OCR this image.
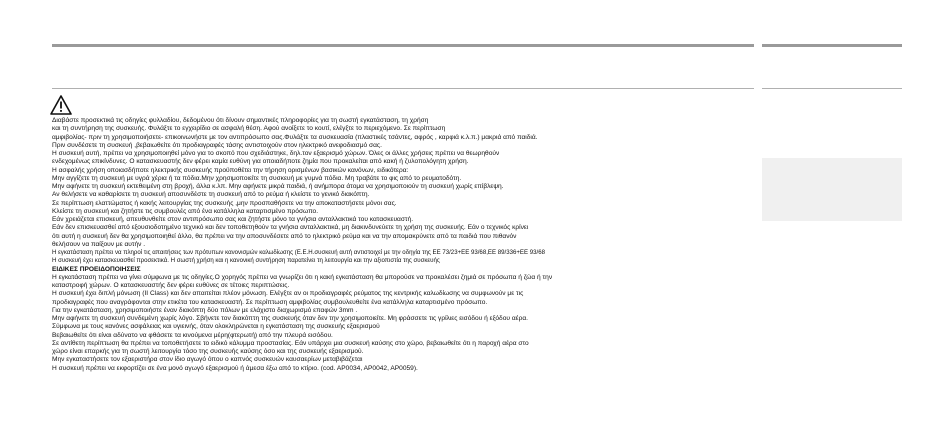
Διαβάστε προσεκτικά τις οδηγίες φυλλαδίου, δεδομένου ότι δίνουν σημαντικές πληροφορίες για τη σωστή εγκατάσταση, τη χρήση
και τη συντήρηση της συσκευής. Φυλάξτε το εγχειρίδιο σε ασφαλή θέση. Αφού ανοίξετε το κουτί, ελέγξτε το περιεχόμενο. Σε περίπτωση
αμφιβολίας- πριν τη χρησιμοποιήσετε- επικοινωνήστε με τον αντιπρόσωπο σας.Φυλάξτε τα συσκευασία (πλαστικές τσάντες, αφρός , καρφιά κ.λ.π.) μακριά από παιδιά.
Πριν συνδέσετε τη συσκευή ,βεβαιωθείτε ότι προδιαγραφές τάσης αντιστοιχούν στον ηλεκτρικό ανεφοδιασμό σας.
Η συσκευή αυτή, πρέπει να χρησιμοποιηθεί μόνο για το σκοπό που σχεδιάστηκε, δηλ.τον εξαερισμό χώρων. Όλες οι άλλες χρήσεις πρέπει να θεωρηθούν
ενδεχομένως επικίνδυνες. Ο κατασκευαστής δεν φέρει καμία ευθύνη για οποιαδήποτε ζημία που προκαλείται από κακή ή ζυλοπολόγητη χρήση.
Η ασφαλής χρήση οποιασδήποτε ηλεκτρικής συσκευής προϋποθέτει την τήρηση ορισμένων βασικών κανόνων, ειδικότερα:
Μην αγγίζετε τη συσκευή με υγρά χέρια ή τα πόδια.Μην χρησιμοποιείτε τη συσκευή με γυμνά πόδια. Μη τραβάτε το φις από το ρευματοδότη.
Μην αφήνετε τη συσκευή εκτεθειμένη στη βροχή, άλλα κ.λπ. Μην αφήνετε μικρά παιδιά, ή ανήμπορα άτομα να χρησιμοποιούν τη συσκευή χωρίς επίβλεψη.
Αν θελήσετε να καθαρίσετε τη συσκευή αποσυνδέστε τη συσκευή από το ρεύμα ή κλείστε το γενικό διακόπτη.
Σε περίπτωση ελαττώματος ή κακής λειτουργίας της συσκευής ,μην προσπαθήσετε να την αποκαταστήσετε μόνοι σας.
Κλείστε τη συσκευή και ζητήστε τις συμβουλές από ένα κατάλληλα καταρτισμένο πρόσωπο.
Εάν χρειάζεται επισκευή, απευθυνθείτε στον αντιπρόσωπο σας και ζητήστε μόνο τα γνήσια ανταλλακτικά του κατασκευαστή.
Εάν δεν επισκευασθεί από εξουσιοδοτημένο τεχνικό και δεν τοποθετηθούν τα γνήσια ανταλλακτικά, μη διακινδυνεύετε τη χρήση της συσκευής. Εάν ο τεχνικός κρίνει
ότι αυτή η συσκευή δεν θα χρησιμοποιηθεί άλλο, θα πρέπει να την αποσυνδέσετε από το ηλεκτρικό ρεύμα και να την απομακρύνετε από τα παιδιά που πιθανόν
θελήσουν να παίξουν με αυτήν .
Η εγκατάσταση πρέπει να πληροί τις απαιτήσεις των πρότυπων κανονισμών καλωδίωσης (Ε.Ε.Η.συσκευή αυτή αντιστοιχεί με την οδηγία της ΕΕ 73/23+ΕΕ 93/68,ΕΕ 89/336+ΕΕ 93/68
Η συσκευή έχει κατασκευασθεί προσεκτικά. Η σωστή χρήση και η κανονική συντήρηση παρατείνει τη λειτουργία και την αξιοπιστία της συσκευής
ΕΙΔΙΚΕΣ ΠΡΟΕΙΔΟΠΟΙΗΣΕΙΣ
Η εγκατάσταση πρέπει να γίνει σύμφωνα με τις οδηγίες.Ο χορηγός πρέπει να γνωρίζει ότι η κακή εγκατάσταση θα μπορούσε να προκαλέσει ζημιά σε πρόσωπα ή ζώα ή την
καταστροφή χώρων. Ο κατασκευαστής δεν φέρει ευθύνες σε τέτοιες περιπτώσεις.
Η συσκευή έχει διπλή μόνωση (ΙΙ Class) και δεν απαιτείται πλέον μόνωση. Ελέγξτε αν οι προδιαγραφές ρεύματος της κεντρικής καλωδίωσης να συμφωνούν με τις
προδιαγραφές που αναγράφονται στην ετικέτα του κατασκευαστή. Σε περίπτωση αμφιβολίας συμβουλευθείτε ένα κατάλληλα καταρτισμένο πρόσωπο.
Για την εγκατάσταση, χρησιμοποιήστε έναν διακόπτη δύο πόλων με ελάχιστο διαχωρισμό επαφών 3mm .
Μην αφήνετε τη συσκευή συνδεμένη χωρίς λόγο. Σβήνετε τον διακόπτη της συσκευής όταν δεν την χρησιμοποιείτε. Μη φράσσετε τις γρίλιες εισόδου ή εξόδου αέρα.
Σύμφωνα με τους κανόνες ασφάλειας και υγιεινής, όταν ολοκληρώνεται η εγκατάσταση της συσκευής εξαερισμού
Βεβαιωθείτε ότι είναι αδύνατο να φθάσετε τα κινούμενα μέρη(φτερωτή) από την πλευρά εισόδου.
Σε αντίθετη περίπτωση θα πρέπει να τοποθετήσετε το ειδικό κάλυμμα προστασίας. Εάν υπάρχει μια συσκευή καύσης στο χώρο, βεβαιωθείτε ότι η παροχή αέρα στο
χώρο είναι επαρκής για τη σωστή λειτουργία τόσο της συσκευής καύσης όσο και της συσκευής εξαερισμού.
Μην εγκαταστήσετε τον εξαεριστήρα στον ίδιο αγωγό όπου ο καπνός συσκευών καυσαερίων μεταβιβάζεται
Η συσκευή πρέπει να εκφορτίζει σε ένα μονό αγωγό εξαερισμού ή άμεσα έξω από το κτίριο. (cod. AP0034, AP0042, AP0059).
